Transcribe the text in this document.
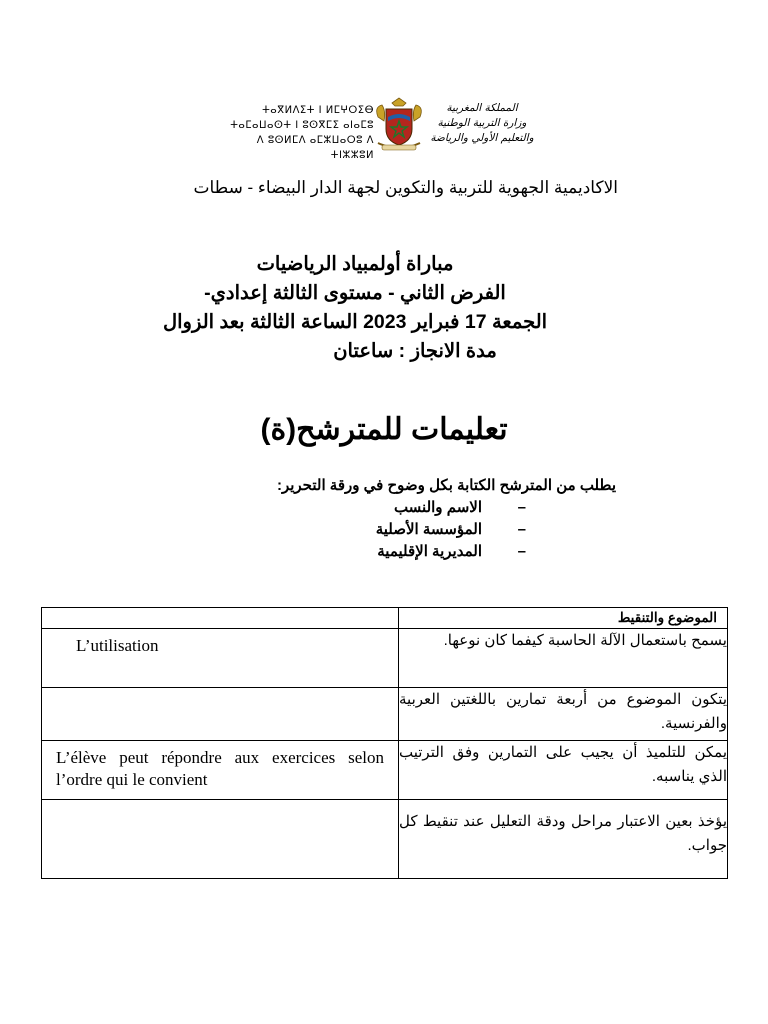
ⵜⴰⴳⵍⴷⵉⵜ ⵏ ⵍⵎⵖⵔⵉⴱ
ⵜⴰⵎⴰⵡⴰⵙⵜ ⵏ ⵓⵙⴳⵎⵉ ⴰⵏⴰⵎⵓ
ⴷ ⵓⵙⵍⵎⴷ ⴰⵎⵣⵡⴰⵔⵓ ⴷ ⵜⵏⵣⵣⵓⵍ
المملكة المغربية
وزارة التربية الوطنية
والتعليم الأولي والرياضة
الاكاديمية الجهوية للتربية والتكوين لجهة الدار البيضاء - سطات
مباراة أولمبياد الرياضيات
الفرض الثاني - مستوى الثالثة إعدادي-
الجمعة 17 فبراير 2023 الساعة الثالثة بعد الزوال
مدة الانجاز : ساعتان
تعليمات للمترشح(ة)
يطلب من المترشح الكتابة بكل وضوح في ورقة التحرير:
–الاسم والنسب
–المؤسسة الأصلية
–المديرية الإقليمية
	الموضوع والتنقيط

L’utilisation	يسمح باستعمال الآلة الحاسبة كيفما كان نوعها.

	يتكون الموضوع من أربعة تمارين باللغتين العربية والفرنسية.

L’élève peut répondre aux exercices selon l’ordre qui le convient	يمكن للتلميذ أن يجيب على التمارين وفق الترتيب الذي يناسبه.

	يؤخذ بعين الاعتبار مراحل ودقة التعليل عند تنقيط كل جواب.
